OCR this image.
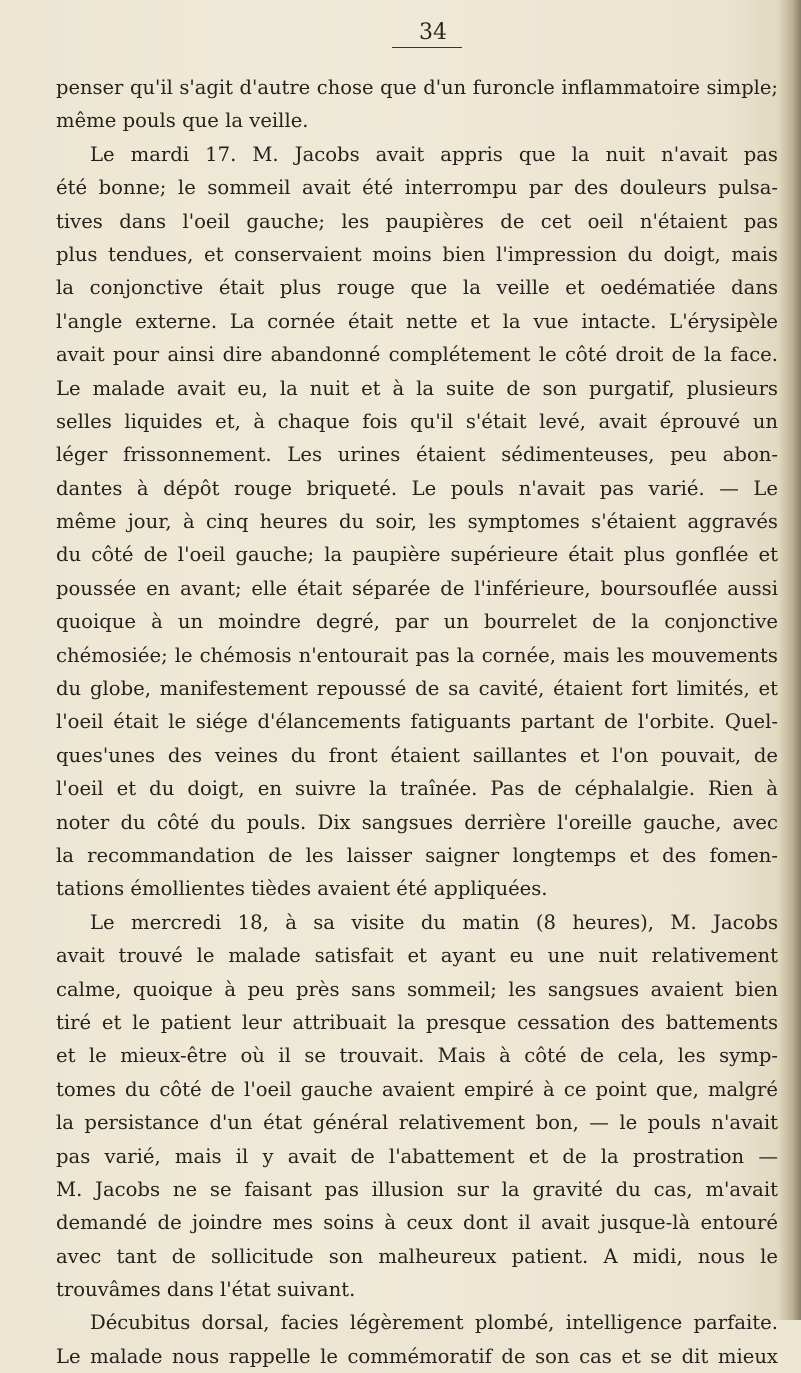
34

penser qu'il s'agit d'autre chose que d'un furoncle inflammatoire simple;
même pouls que la veille.
Le mardi 17. M. Jacobs avait appris que la nuit n'avait pas
été bonne; le sommeil avait été interrompu par des douleurs pulsa-
tives dans l'oeil gauche; les paupières de cet oeil n'étaient pas
plus tendues, et conservaient moins bien l'impression du doigt, mais
la conjonctive était plus rouge que la veille et oedématiée dans
l'angle externe. La cornée était nette et la vue intacte. L'érysipèle
avait pour ainsi dire abandonné complétement le côté droit de la face.
Le malade avait eu, la nuit et à la suite de son purgatif, plusieurs
selles liquides et, à chaque fois qu'il s'était levé, avait éprouvé un
léger frissonnement. Les urines étaient sédimenteuses, peu abon-
dantes à dépôt rouge briqueté. Le pouls n'avait pas varié. — Le
même jour, à cinq heures du soir, les symptomes s'étaient aggravés
du côté de l'oeil gauche; la paupière supérieure était plus gonflée et
poussée en avant; elle était séparée de l'inférieure, boursouflée aussi
quoique à un moindre degré, par un bourrelet de la conjonctive
chémosiée; le chémosis n'entourait pas la cornée, mais les mouvements
du globe, manifestement repoussé de sa cavité, étaient fort limités, et
l'oeil était le siége d'élancements fatiguants partant de l'orbite. Quel-
ques'unes des veines du front étaient saillantes et l'on pouvait, de
l'oeil et du doigt, en suivre la traînée. Pas de céphalalgie. Rien à
noter du côté du pouls. Dix sangsues derrière l'oreille gauche, avec
la recommandation de les laisser saigner longtemps et des fomen-
tations émollientes tièdes avaient été appliquées.
Le mercredi 18, à sa visite du matin (8 heures), M. Jacobs
avait trouvé le malade satisfait et ayant eu une nuit relativement
calme, quoique à peu près sans sommeil; les sangsues avaient bien
tiré et le patient leur attribuait la presque cessation des battements
et le mieux-être où il se trouvait. Mais à côté de cela, les symp-
tomes du côté de l'oeil gauche avaient empiré à ce point que, malgré
la persistance d'un état général relativement bon, — le pouls n'avait
pas varié, mais il y avait de l'abattement et de la prostration —
M. Jacobs ne se faisant pas illusion sur la gravité du cas, m'avait
demandé de joindre mes soins à ceux dont il avait jusque-là entouré
avec tant de sollicitude son malheureux patient. A midi, nous le
trouvâmes dans l'état suivant.
Décubitus dorsal, facies légèrement plombé, intelligence parfaite.
Le malade nous rappelle le commémoratif de son cas et se dit mieux
